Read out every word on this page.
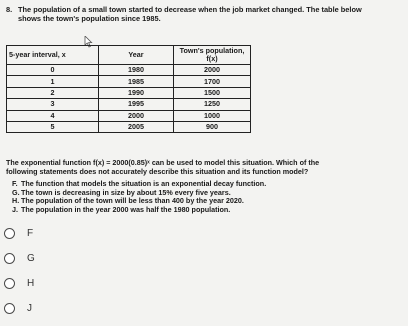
8. The population of a small town started to decrease when the job market changed. The table below
shows the town's population since 1985.
5-year interval, x	Year	Town's population, f(x)
0	1980	2000
1	1985	1700
2	1990	1500
3	1995	1250
4	2000	1000
5	2005	900
The exponential function f(x) = 2000(0.85)ˣ can be used to model this situation. Which of the
following statements does not accurately describe this situation and its function model?
F. The function that models the situation is an exponential decay function.
G. The town is decreasing in size by about 15% every five years.
H. The population of the town will be less than 400 by the year 2020.
J. The population in the year 2000 was half the 1980 population.
F
G
H
J
